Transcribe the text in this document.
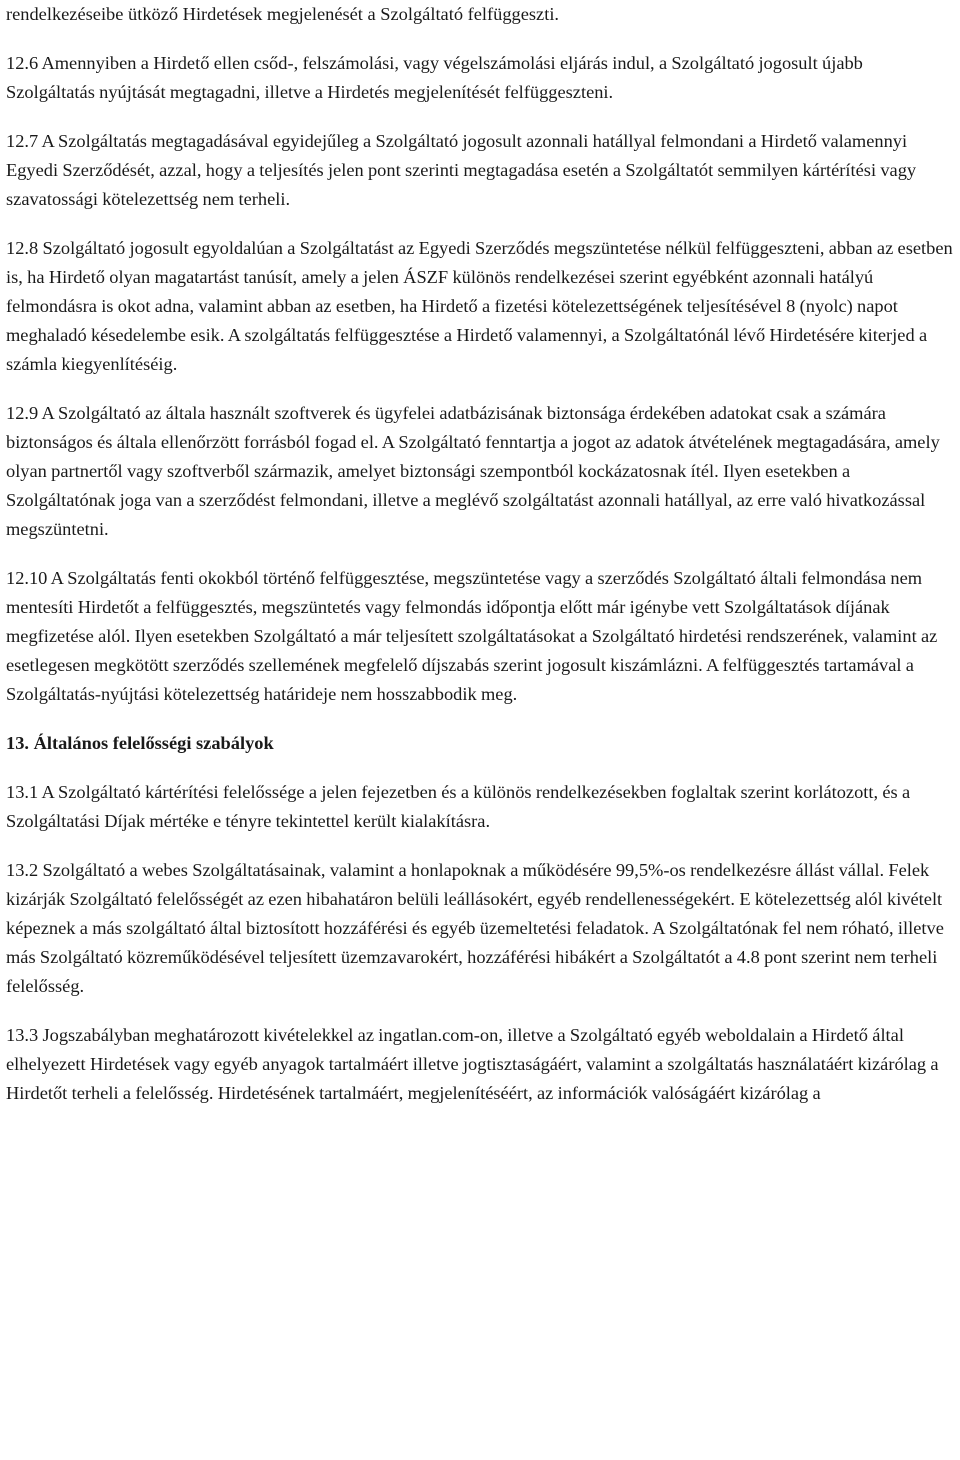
rendelkezéseibe ütköző Hirdetések megjelenését a Szolgáltató felfüggeszti.

12.6 Amennyiben a Hirdető ellen csőd-, felszámolási, vagy végelszámolási eljárás indul, a Szolgáltató jogosult újabb Szolgáltatás nyújtását megtagadni, illetve a Hirdetés megjelenítését felfüggeszteni.

12.7 A Szolgáltatás megtagadásával egyidejűleg a Szolgáltató jogosult azonnali hatállyal felmondani a Hirdető valamennyi Egyedi Szerződését, azzal, hogy a teljesítés jelen pont szerinti megtagadása esetén a Szolgáltatót semmilyen kártérítési vagy szavatossági kötelezettség nem terheli.

12.8 Szolgáltató jogosult egyoldalúan a Szolgáltatást az Egyedi Szerződés megszüntetése nélkül felfüggeszteni, abban az esetben is, ha Hirdető olyan magatartást tanúsít, amely a jelen ÁSZF különös rendelkezései szerint egyébként azonnali hatályú felmondásra is okot adna, valamint abban az esetben, ha Hirdető a fizetési kötelezettségének teljesítésével 8 (nyolc) napot meghaladó késedelembe esik. A szolgáltatás felfüggesztése a Hirdető valamennyi, a Szolgáltatónál lévő Hirdetésére kiterjed a számla kiegyenlítéséig.

12.9 A Szolgáltató az általa használt szoftverek és ügyfelei adatbázisának biztonsága érdekében adatokat csak a számára biztonságos és általa ellenőrzött forrásból fogad el. A Szolgáltató fenntartja a jogot az adatok átvételének megtagadására, amely olyan partnertől vagy szoftverből származik, amelyet biztonsági szempontból kockázatosnak ítél. Ilyen esetekben a Szolgáltatónak joga van a szerződést felmondani, illetve a meglévő szolgáltatást azonnali hatállyal, az erre való hivatkozással megszüntetni.

12.10 A Szolgáltatás fenti okokból történő felfüggesztése, megszüntetése vagy a szerződés Szolgáltató általi felmondása nem mentesíti Hirdetőt a felfüggesztés, megszüntetés vagy felmondás időpontja előtt már igénybe vett Szolgáltatások díjának megfizetése alól. Ilyen esetekben Szolgáltató a már teljesített szolgáltatásokat a Szolgáltató hirdetési rendszerének, valamint az esetlegesen megkötött szerződés szellemének megfelelő díjszabás szerint jogosult kiszámlázni. A felfüggesztés tartamával a Szolgáltatás-nyújtási kötelezettség határideje nem hosszabbodik meg.

13. Általános felelősségi szabályok

13.1 A Szolgáltató kártérítési felelőssége a jelen fejezetben és a különös rendelkezésekben foglaltak szerint korlátozott, és a Szolgáltatási Díjak mértéke e tényre tekintettel került kialakításra.

13.2 Szolgáltató a webes Szolgáltatásainak, valamint a honlapoknak a működésére 99,5%-os rendelkezésre állást vállal. Felek kizárják Szolgáltató felelősségét az ezen hibahatáron belüli leállásokért, egyéb rendellenességekért. E kötelezettség alól kivételt képeznek a más szolgáltató által biztosított hozzáférési és egyéb üzemeltetési feladatok. A Szolgáltatónak fel nem róható, illetve más Szolgáltató közreműködésével teljesített üzemzavarokért, hozzáférési hibákért a Szolgáltatót a 4.8 pont szerint nem terheli felelősség.

13.3 Jogszabályban meghatározott kivételekkel az ingatlan.com-on, illetve a Szolgáltató egyéb weboldalain a Hirdető által elhelyezett Hirdetések vagy egyéb anyagok tartalmáért illetve jogtisztaságáért, valamint a szolgáltatás használatáért kizárólag a Hirdetőt terheli a felelősség. Hirdetésének tartalmáért, megjelenítéséért, az információk valóságáért kizárólag a
